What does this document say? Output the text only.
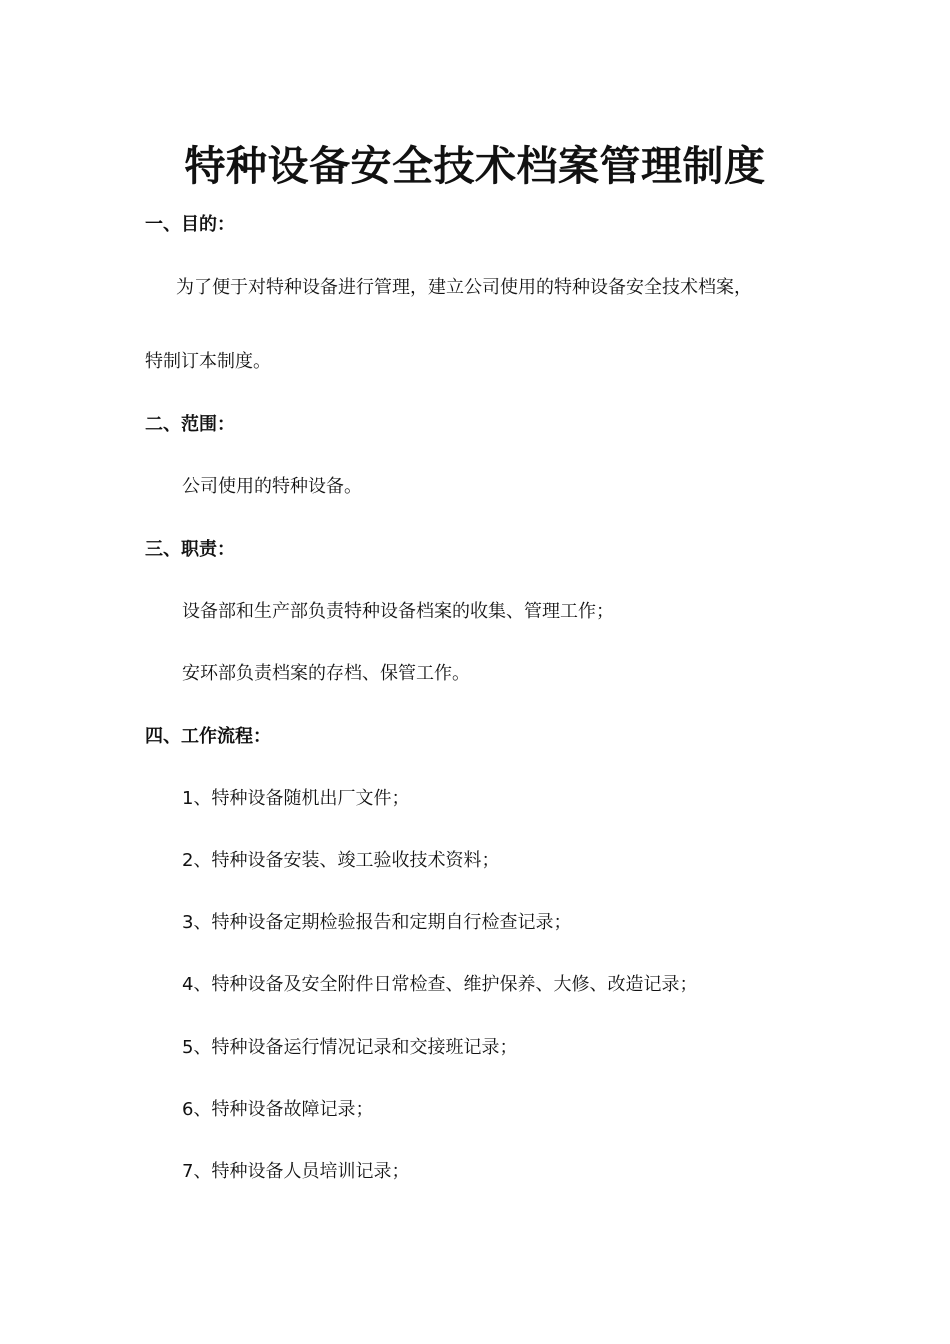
特种设备安全技术档案管理制度
一、目的：
为了便于对特种设备进行管理，建立公司使用的特种设备安全技术档案，
特制订本制度。
二、范围：
公司使用的特种设备。
三、职责：
设备部和生产部负责特种设备档案的收集、管理工作；
安环部负责档案的存档、保管工作。
四、工作流程：
1、特种设备随机出厂文件；
2、特种设备安装、竣工验收技术资料；
3、特种设备定期检验报告和定期自行检查记录；
4、特种设备及安全附件日常检查、维护保养、大修、改造记录；
5、特种设备运行情况记录和交接班记录；
6、特种设备故障记录；
7、特种设备人员培训记录；
